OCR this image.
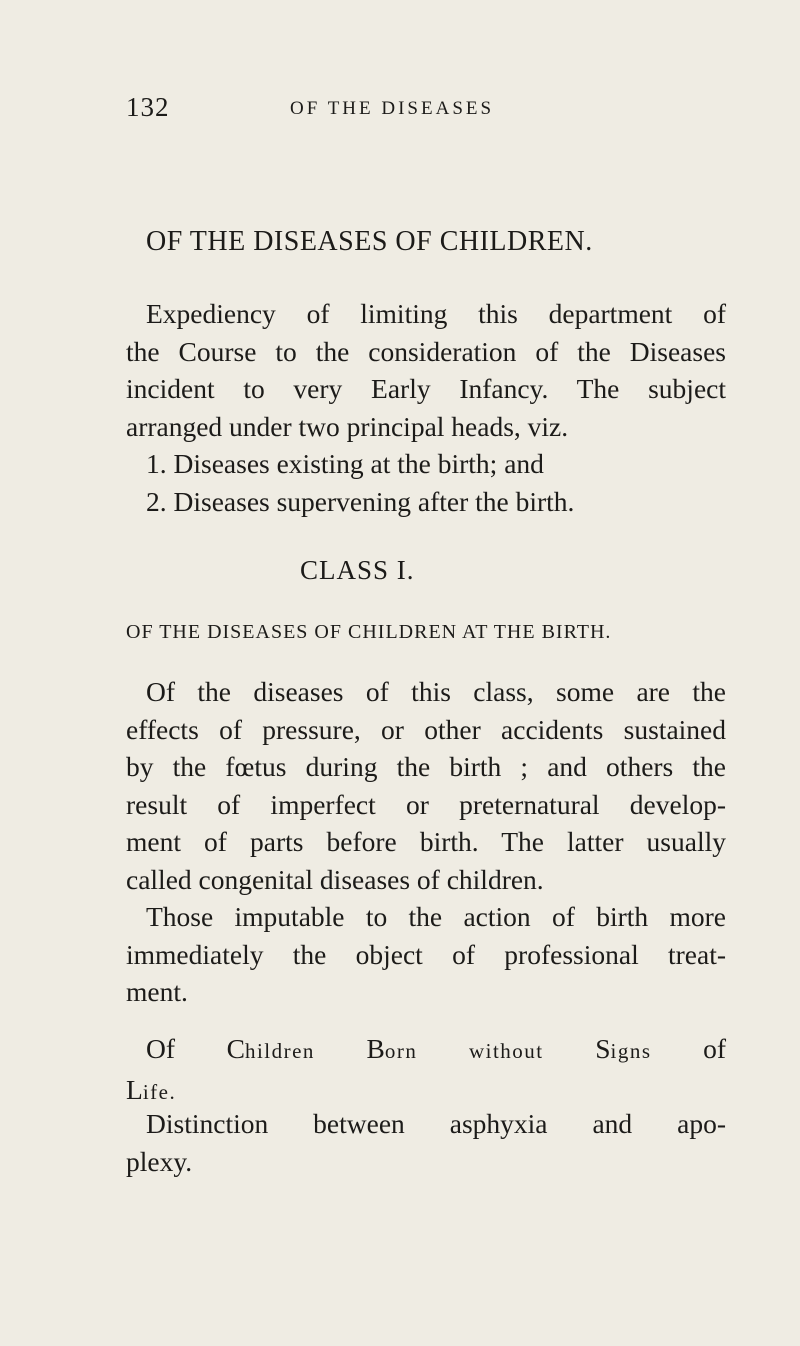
132	OF THE DISEASES
OF THE DISEASES OF CHILDREN.
Expediency of limiting this department of
the Course to the consideration of the Diseases
incident to very Early Infancy. The subject
arranged under two principal heads, viz.
1. Diseases existing at the birth; and
2. Diseases supervening after the birth.
CLASS I.
OF THE DISEASES OF CHILDREN AT THE BIRTH.
Of the diseases of this class, some are the
effects of pressure, or other accidents sustained
by the fœtus during the birth ; and others the
result of imperfect or preternatural develop-
ment of parts before birth. The latter usually
called congenital diseases of children.
Those imputable to the action of birth more
immediately the object of professional treat-
ment.
Of Children Born without Signs of
Life.
Distinction between asphyxia and apo-
plexy.
